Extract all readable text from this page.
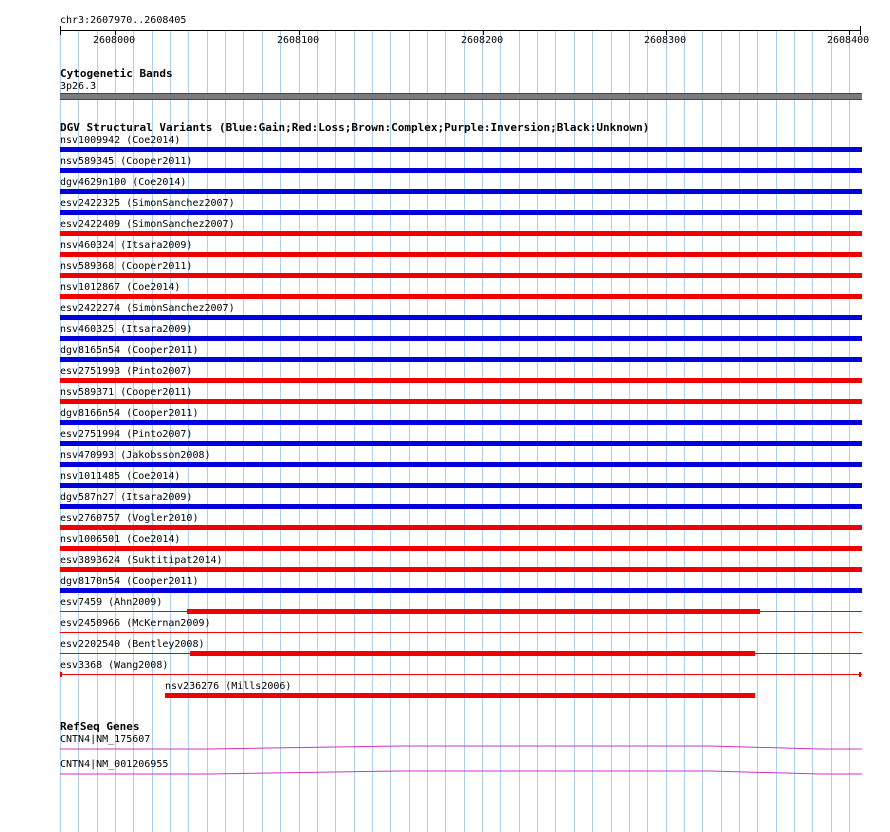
chr3:2607970..2608405
2608000	2608100	2608200	2608300	2608400
Cytogenetic Bands
3p26.3
DGV Structural Variants (Blue:Gain;Red:Loss;Brown:Complex;Purple:Inversion;Black:Unknown)
nsv1009942 (Coe2014)
nsv589345 (Cooper2011)
dgv4629n100 (Coe2014)
esv2422325 (SimonSanchez2007)
esv2422409 (SimonSanchez2007)
nsv460324 (Itsara2009)
nsv589368 (Cooper2011)
nsv1012867 (Coe2014)
esv2422274 (SimonSanchez2007)
nsv460325 (Itsara2009)
dgv8165n54 (Cooper2011)
esv2751993 (Pinto2007)
nsv589371 (Cooper2011)
dgv8166n54 (Cooper2011)
esv2751994 (Pinto2007)
nsv470993 (Jakobsson2008)
nsv1011485 (Coe2014)
dgv587n27 (Itsara2009)
esv2760757 (Vogler2010)
nsv1006501 (Coe2014)
esv3893624 (Suktitipat2014)
dgv8170n54 (Cooper2011)
esv7459 (Ahn2009)
esv2450966 (McKernan2009)
esv2202540 (Bentley2008)
esv3368 (Wang2008)
nsv236276 (Mills2006)
RefSeq Genes
CNTN4|NM_175607
CNTN4|NM_001206955
